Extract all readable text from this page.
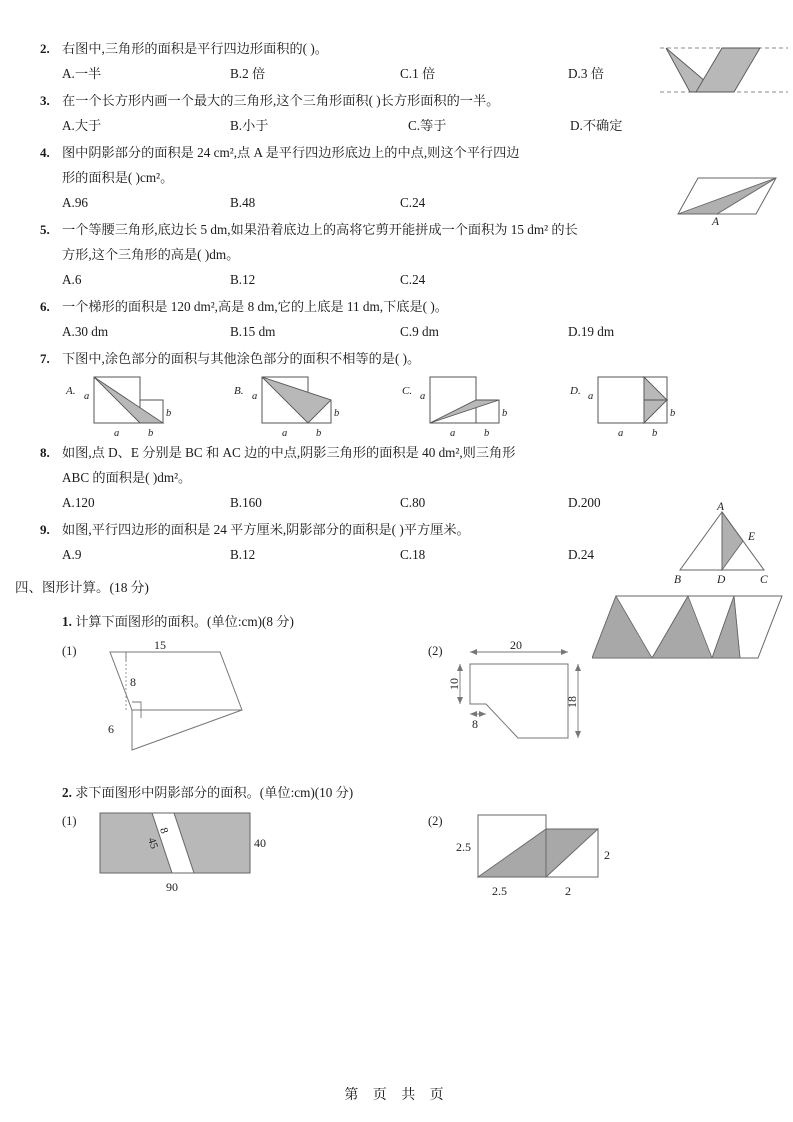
2. 右图中,三角形的面积是平行四边形面积的( )。
A.一半	B.2 倍	C.1 倍	D.3 倍
3. 在一个长方形内画一个最大的三角形,这个三角形面积( )长方形面积的一半。
A.大于	B.小于	C.等于	D.不确定
4. 图中阴影部分的面积是 24 cm²,点 A 是平行四边形底边上的中点,则这个平行四边
形的面积是( )cm²。
A.96	B.48	C.24
5. 一个等腰三角形,底边长 5 dm,如果沿着底边上的高将它剪开能拼成一个面积为 15 dm² 的长
方形,这个三角形的高是( )dm。
A.6	B.12	C.24
6. 一个梯形的面积是 120 dm²,高是 8 dm,它的上底是 11 dm,下底是( )。
A.30 dm	B.15 dm	C.9 dm	D.19 dm
7. 下图中,涂色部分的面积与其他涂色部分的面积不相等的是( )。
A. a
b
a	b
B. a
b
a	b
C. a
b
a	b
D. a
b
a	b
8. 如图,点 D、E 分别是 BC 和 AC 边的中点,阴影三角形的面积是 40 dm²,则三角形
ABC 的面积是( )dm²。
A.120	B.160	C.80	D.200
9. 如图,平行四边形的面积是 24 平方厘米,阴影部分的面积是( )平方厘米。
A.9	B.12	C.18	D.24
四、图形计算。(18 分)
1. 计算下面图形的面积。(单位:cm)(8 分)
(1)	15
8
6
(2)	20
10
8
18
2. 求下面图形中阴影部分的面积。(单位:cm)(10 分)
(1)
8
45	40
90
(2)
2.5
2.5	2
2
A
A
E
B	D	C
第 页 共 页
